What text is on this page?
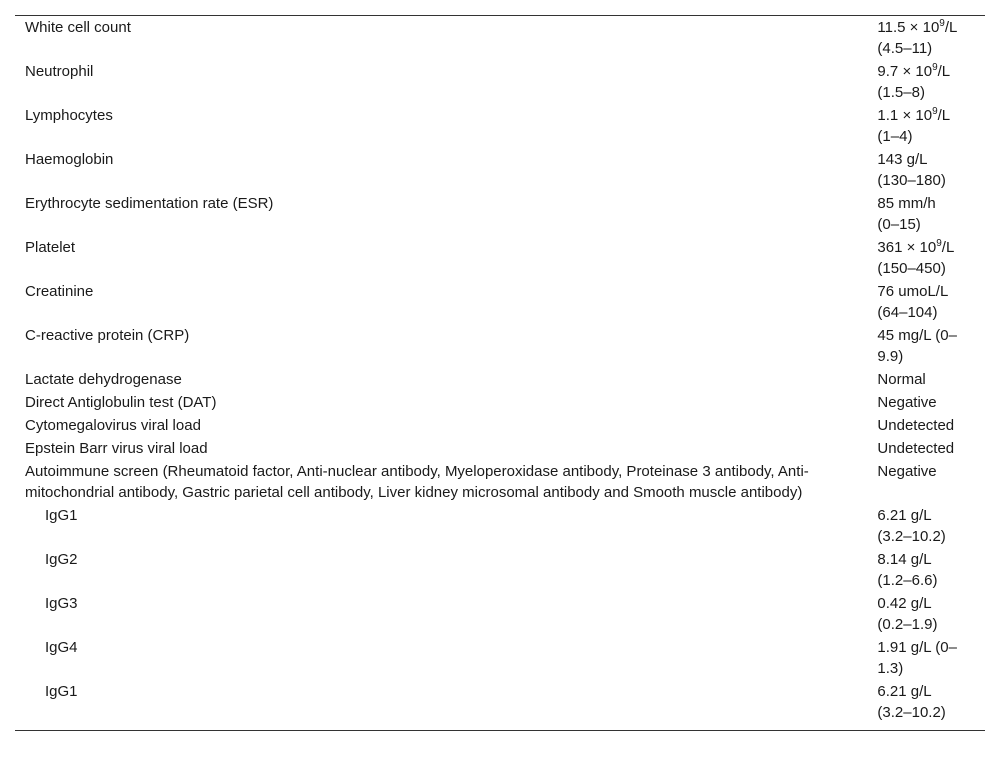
White cell count	$11.5 \times 10^9/L$
(4.5–11)

Neutrophil	$9.7 \times 10^9/L$
(1.5–8)

Lymphocytes	$1.1 \times 10^9/L$
(1–4)

Haemoglobin	143 g/L
(130–180)

Erythrocyte sedimentation rate (ESR)	85 mm/h
(0–15)

Platelet	$361 \times 10^9/L$
(150–450)

Creatinine	76 umoL/L
(64–104)

C-reactive protein (CRP)	45 mg/L (0–
9.9)

Lactate dehydrogenase	Normal

Direct Antiglobulin test (DAT)	Negative

Cytomegalovirus viral load	Undetected

Epstein Barr virus viral load	Undetected

Autoimmune screen (Rheumatoid factor, Anti-nuclear antibody, Myeloperoxidase antibody, Proteinase 3 antibody, Anti-mitochondrial antibody, Gastric parietal cell antibody, Liver kidney microsomal antibody and Smooth muscle antibody)	Negative

IgG1	6.21 g/L
(3.2–10.2)

IgG2	8.14 g/L
(1.2–6.6)

IgG3	0.42 g/L
(0.2–1.9)

IgG4	1.91 g/L (0–
1.3)

IgG1	6.21 g/L
(3.2–10.2)
